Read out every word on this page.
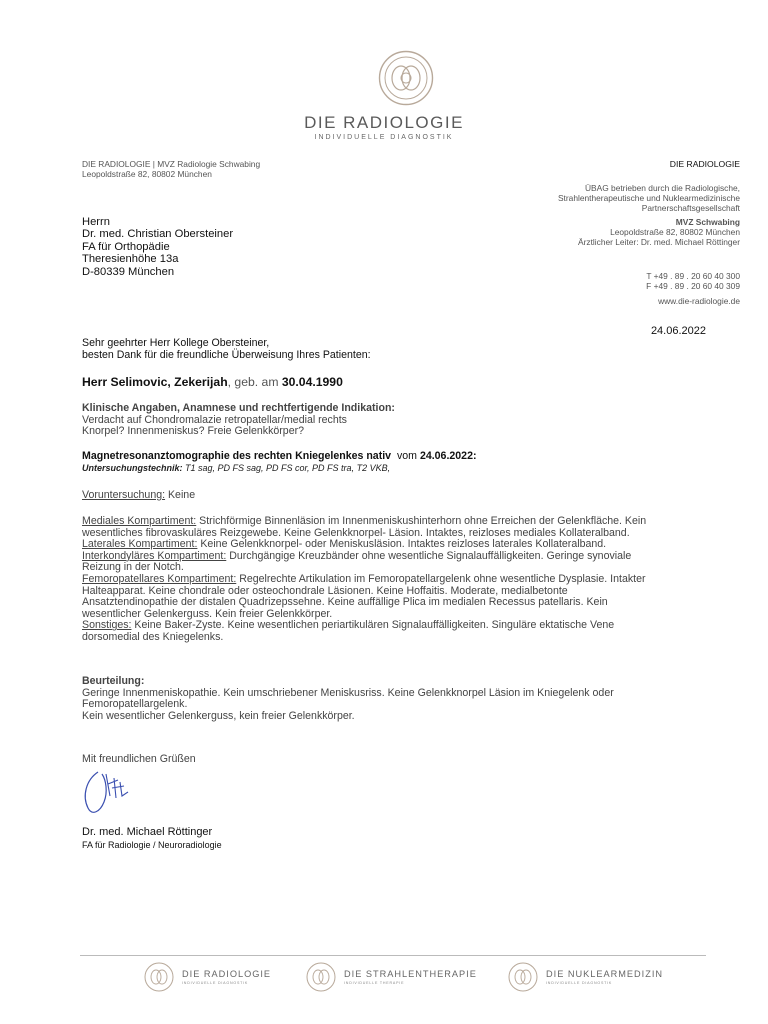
DIE RADIOLOGIE
INDIVIDUELLE DIAGNOSTIK
DIE RADIOLOGIE | MVZ Radiologie Schwabing
Leopoldstraße 82, 80802 München
DIE RADIOLOGIE
ÜBAG betrieben durch die Radiologische,
Strahlentherapeutische und Nuklearmedizinische
Partnerschaftsgesellschaft
MVZ Schwabing
Leopoldstraße 82, 80802 München
Ärztlicher Leiter: Dr. med. Michael Röttinger
T +49 . 89 . 20 60 40 300
F +49 . 89 . 20 60 40 309
www.die-radiologie.de
Herrn
Dr. med. Christian Obersteiner
FA für Orthopädie
Theresienhöhe 13a
D-80339 München
24.06.2022
Sehr geehrter Herr Kollege Obersteiner,
besten Dank für die freundliche Überweisung Ihres Patienten:
Herr Selimovic, Zekerijah, geb. am 30.04.1990
Klinische Angaben, Anamnese und rechtfertigende Indikation:
Verdacht auf Chondromalazie retropatellar/medial rechts
Knorpel? Innenmeniskus? Freie Gelenkkörper?
Magnetresonanztomographie des rechten Kniegelenkes nativ vom 24.06.2022:
Untersuchungstechnik: T1 sag, PD FS sag, PD FS cor, PD FS tra, T2 VKB,
Voruntersuchung: Keine
Mediales Kompartiment: Strichförmige Binnenläsion im Innenmeniskushinterhorn ohne Erreichen der Gelenkfläche. Kein
wesentliches fibrovaskuläres Reizgewebe. Keine Gelenkknorpel- Läsion. Intaktes, reizloses mediales Kollateralband.
Laterales Kompartiment: Keine Gelenkknorpel- oder Meniskusläsion. Intaktes reizloses laterales Kollateralband.
Interkondyläres Kompartiment: Durchgängige Kreuzbänder ohne wesentliche Signalauffälligkeiten. Geringe synoviale
Reizung in der Notch.
Femoropatellares Kompartiment: Regelrechte Artikulation im Femoropatellargelenk ohne wesentliche Dysplasie. Intakter
Halteapparat. Keine chondrale oder osteochondrale Läsionen. Keine Hoffaitis. Moderate, medialbetonte
Ansatztendinopathie der distalen Quadrizepssehne. Keine auffällige Plica im medialen Recessus patellaris. Kein
wesentlicher Gelenkerguss. Kein freier Gelenkkörper.
Sonstiges: Keine Baker-Zyste. Keine wesentlichen periartikulären Signalauffälligkeiten. Singuläre ektatische Vene
dorsomedial des Kniegelenks.
Beurteilung:
Geringe Innenmeniskopathie. Kein umschriebener Meniskusriss. Keine Gelenkknorpel Läsion im Kniegelenk oder
Femoropatellargelenk.
Kein wesentlicher Gelenkerguss, kein freier Gelenkkörper.
Mit freundlichen Grüßen
Dr. med. Michael Röttinger
FA für Radiologie / Neuroradiologie
DIE RADIOLOGIE
INDIVIDUELLE DIAGNOSTIK
DIE STRAHLENTHERAPIE
INDIVIDUELLE THERAPIE
DIE NUKLEARMEDIZIN
INDIVIDUELLE DIAGNOSTIK
